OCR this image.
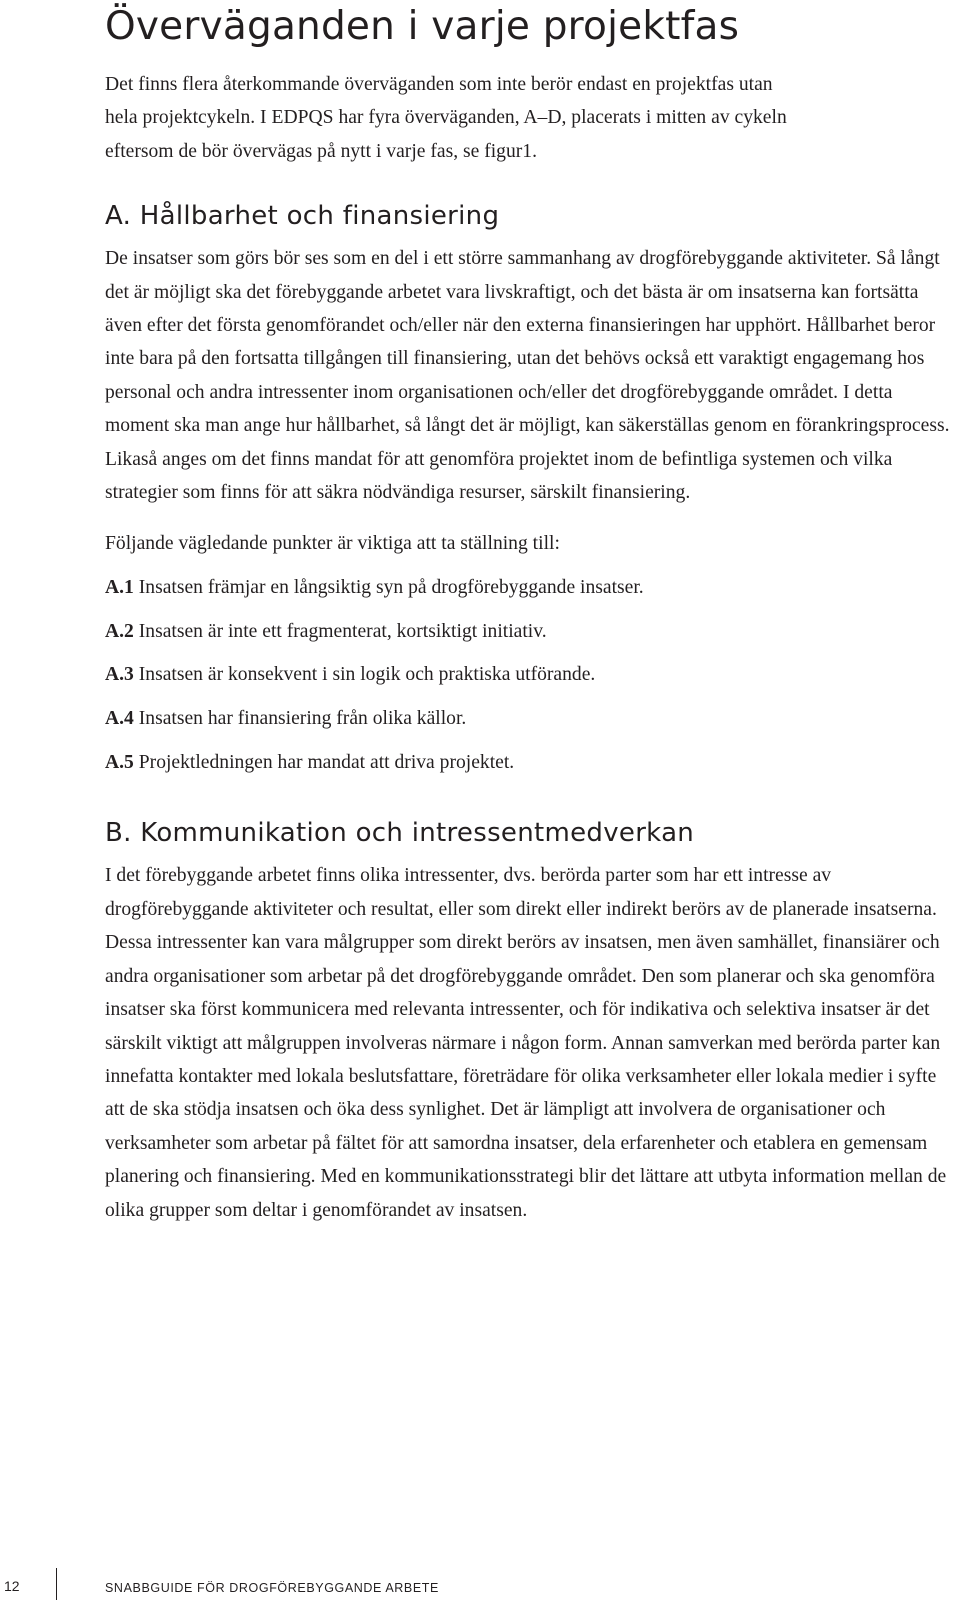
Överväganden i varje projektfas

Det finns flera återkommande överväganden som inte berör endast en projektfas utan hela projektcykeln. I EDPQS har fyra överväganden, A–D, placerats i mitten av cykeln eftersom de bör övervägas på nytt i varje fas, se figur1.

A. Hållbarhet och finansiering

De insatser som görs bör ses som en del i ett större sammanhang av drogförebyggande aktiviteter. Så långt det är möjligt ska det förebyggande arbetet vara livskraftigt, och det bästa är om insatserna kan fortsätta även efter det första genomförandet och/eller när den externa finansieringen har upphört. Hållbarhet beror inte bara på den fortsatta tillgången till finansiering, utan det behövs också ett varaktigt engagemang hos personal och andra intressenter inom organisationen och/eller det drogförebyggande området. I detta moment ska man ange hur hållbarhet, så långt det är möjligt, kan säkerställas genom en förankringsprocess. Likaså anges om det finns mandat för att genomföra projektet inom de befintliga systemen och vilka strategier som finns för att säkra nödvändiga resurser, särskilt finansiering.

Följande vägledande punkter är viktiga att ta ställning till:

A.1 Insatsen främjar en långsiktig syn på drogförebyggande insatser.
A.2 Insatsen är inte ett fragmenterat, kortsiktigt initiativ.
A.3 Insatsen är konsekvent i sin logik och praktiska utförande.
A.4 Insatsen har finansiering från olika källor.
A.5 Projektledningen har mandat att driva projektet.
B. Kommunikation och intressentmedverkan

I det förebyggande arbetet finns olika intressenter, dvs. berörda parter som har ett intresse av drogförebyggande aktiviteter och resultat, eller som direkt eller indirekt berörs av de planerade insatserna. Dessa intressenter kan vara målgrupper som direkt berörs av insatsen, men även samhället, finansiärer och andra organisationer som arbetar på det drogförebyggande området. Den som planerar och ska genomföra insatser ska först kommunicera med relevanta intressenter, och för indikativa och selektiva insatser är det särskilt viktigt att målgruppen involveras närmare i någon form. Annan samverkan med berörda parter kan innefatta kontakter med lokala beslutsfattare, företrädare för olika verksamheter eller lokala medier i syfte att de ska stödja insatsen och öka dess synlighet. Det är lämpligt att involvera de organisationer och verksamheter som arbetar på fältet för att samordna insatser, dela erfarenheter och etablera en gemensam planering och finansiering. Med en kommunikationsstrategi blir det lättare att utbyta information mellan de olika grupper som deltar i genomförandet av insatsen.

12	SNABBGUIDE FÖR DROGFÖREBYGGANDE ARBETE
